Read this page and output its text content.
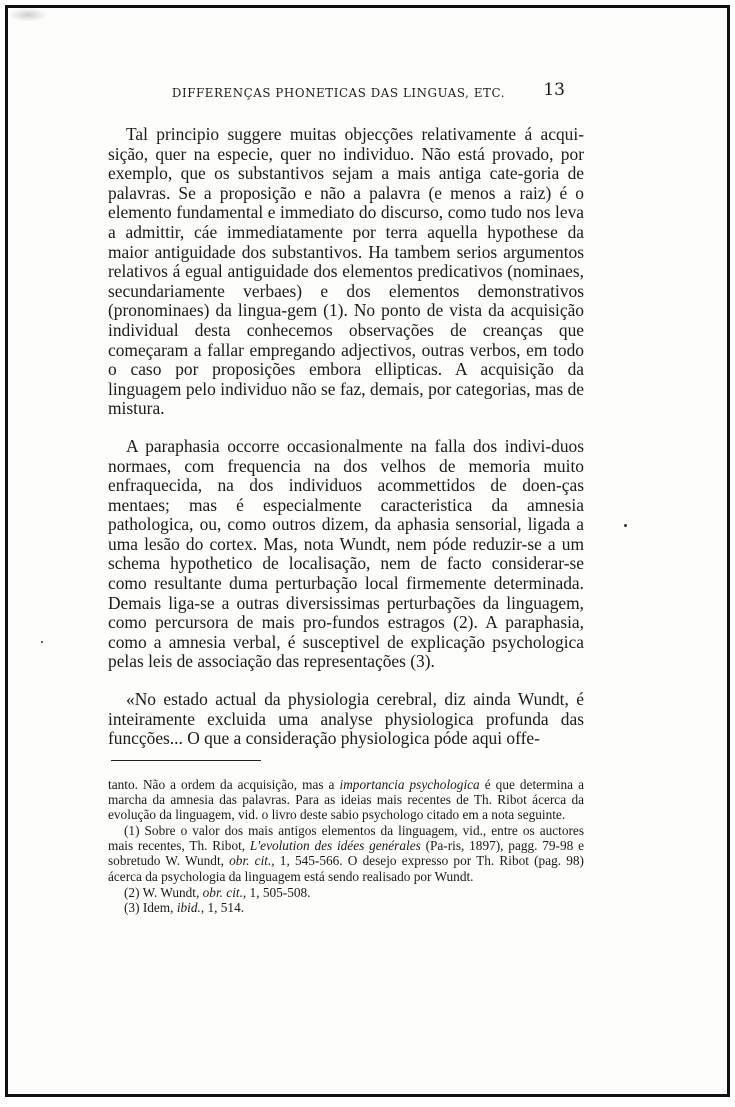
DIFFERENÇAS PHONETICAS DAS LINGUAS, ETC.	13

Tal principio suggere muitas objecções relativamente á acqui-sição, quer na especie, quer no individuo. Não está provado, por exemplo, que os substantivos sejam a mais antiga cate-goria de palavras. Se a proposição e não a palavra (e menos a raiz) é o elemento fundamental e immediato do discurso, como tudo nos leva a admittir, cáe immediatamente por terra aquella hypothese da maior antiguidade dos substantivos. Ha tambem serios argumentos relativos á egual antiguidade dos elementos predicativos (nominaes, secundariamente verbaes) e dos elementos demonstrativos (pronominaes) da lingua-gem (1). No ponto de vista da acquisição individual desta conhecemos observações de creanças que começaram a fallar empregando adjectivos, outras verbos, em todo o caso por proposições embora ellipticas. A acquisição da linguagem pelo individuo não se faz, demais, por categorias, mas de mistura.

A paraphasia occorre occasionalmente na falla dos indivi-duos normaes, com frequencia na dos velhos de memoria muito enfraquecida, na dos individuos acommettidos de doen-ças mentaes; mas é especialmente caracteristica da amnesia pathologica, ou, como outros dizem, da aphasia sensorial, ligada a uma lesão do cortex. Mas, nota Wundt, nem póde reduzir-se a um schema hypothetico de localisação, nem de facto considerar-se como resultante duma perturbação local firmemente determinada. Demais liga-se a outras diversissimas perturbações da linguagem, como percursora de mais pro-fundos estragos (2). A paraphasia, como a amnesia verbal, é susceptivel de explicação psychologica pelas leis de associação das representações (3).

«No estado actual da physiologia cerebral, diz ainda Wundt, é inteiramente excluida uma analyse physiologica profunda das funcções... O que a consideração physiologica póde aqui offe-

tanto. Não a ordem da acquisição, mas a importancia psychologica é que determina a marcha da amnesia das palavras. Para as ideias mais recentes de Th. Ribot ácerca da evolução da linguagem, vid. o livro deste sabio psychologo citado em a nota seguinte.

(1) Sobre o valor dos mais antigos elementos da linguagem, vid., entre os auctores mais recentes, Th. Ribot, L'evolution des idées genérales (Pa-ris, 1897), pagg. 79-98 e sobretudo W. Wundt, obr. cit., 1, 545-566. O desejo expresso por Th. Ribot (pag. 98) ácerca da psychologia da linguagem está sendo realisado por Wundt.

(2) W. Wundt, obr. cit., 1, 505-508.

(3) Idem, ibid., 1, 514.
